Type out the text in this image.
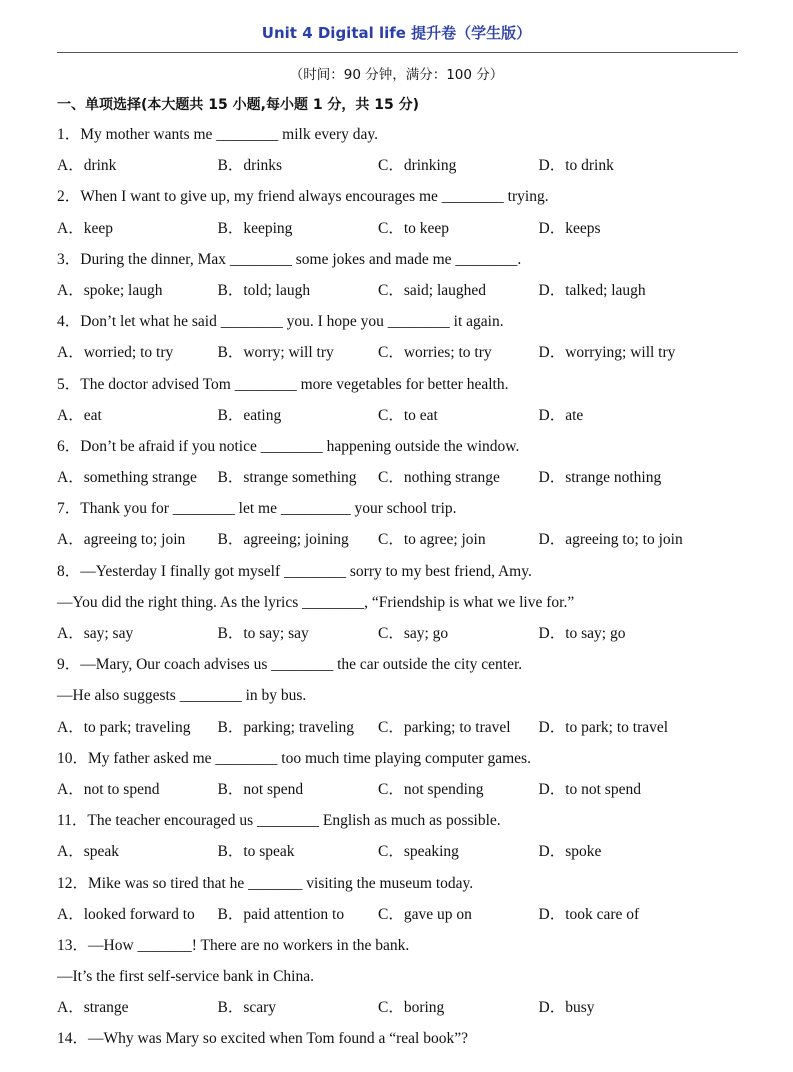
Unit 4 Digital life 提升卷（学生版）
（时间：90 分钟，满分：100 分）
一、单项选择(本大题共 15 小题,每小题 1 分，共 15 分)
1．My mother wants me ________ milk every day.
A．drink	B．drinks	C．drinking	D．to drink
2．When I want to give up, my friend always encourages me ________ trying.
A．keep	B．keeping	C．to keep	D．keeps
3．During the dinner, Max ________ some jokes and made me ________.
A．spoke; laugh	B．told; laugh	C．said; laughed	D．talked; laugh
4．Don’t let what he said ________ you. I hope you ________ it again.
A．worried; to try	B．worry; will try	C．worries; to try	D．worrying; will try
5．The doctor advised Tom ________ more vegetables for better health.
A．eat	B．eating	C．to eat	D．ate
6．Don’t be afraid if you notice ________ happening outside the window.
A．something strange	B．strange something	C．nothing strange	D．strange nothing
7．Thank you for ________ let me _________ your school trip.
A．agreeing to; join	B．agreeing; joining	C．to agree; join	D．agreeing to; to join
8．—Yesterday I finally got myself ________ sorry to my best friend, Amy.
—You did the right thing. As the lyrics ________, “Friendship is what we live for.”
A．say; say	B．to say; say	C．say; go	D．to say; go
9．—Mary, Our coach advises us ________ the car outside the city center.
—He also suggests ________ in by bus.
A．to park; traveling	B．parking; traveling	C．parking; to travel	D．to park; to travel
10．My father asked me ________ too much time playing computer games.
A．not to spend	B．not spend	C．not spending	D．to not spend
11．The teacher encouraged us ________ English as much as possible.
A．speak	B．to speak	C．speaking	D．spoke
12．Mike was so tired that he _______ visiting the museum today.
A．looked forward to	B．paid attention to	C．gave up on	D．took care of
13．—How _______! There are no workers in the bank.
—It’s the first self-service bank in China.
A．strange	B．scary	C．boring	D．busy
14．—Why was Mary so excited when Tom found a “real book”?
